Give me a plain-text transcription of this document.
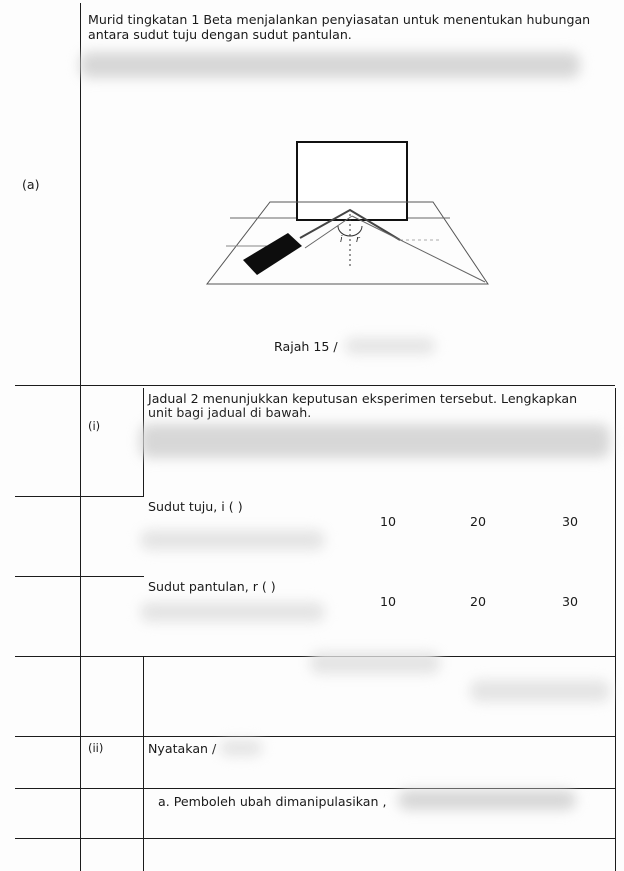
(a)
(i)
(ii)
Murid tingkatan 1 Beta menjalankan penyiasatan untuk menentukan hubungan
antara sudut tuju dengan sudut pantulan.
i r
Rajah 15 /
Jadual 2 menunjukkan keputusan eksperimen tersebut. Lengkapkan
unit bagi jadual di bawah.
Sudut tuju, i ( )
10	20	30
Sudut pantulan, r ( )
10	20	30
Nyatakan /
a. Pemboleh ubah dimanipulasikan ,
